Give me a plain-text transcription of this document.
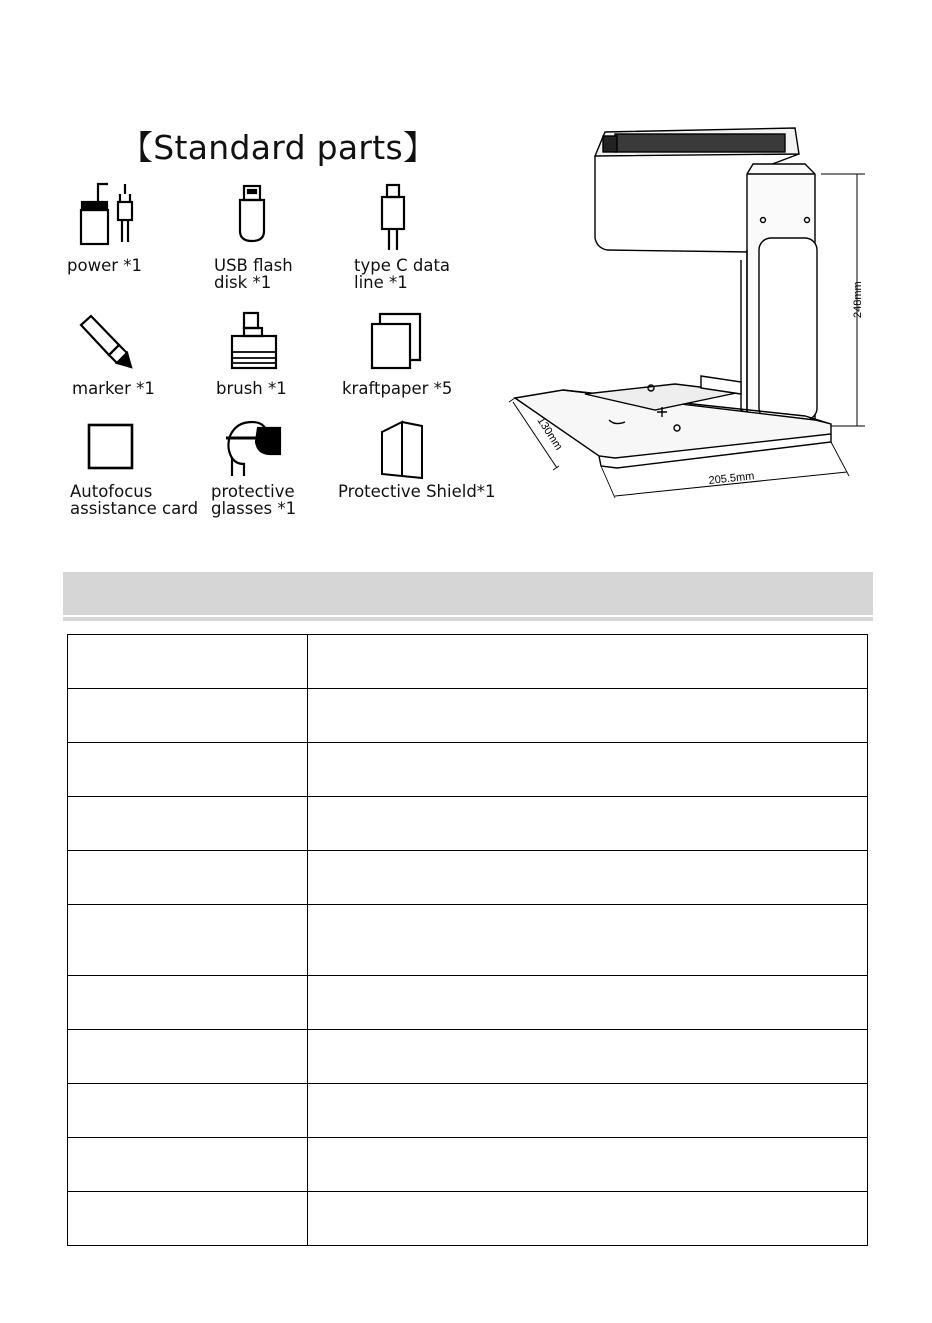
【Standard parts】
power *1	USB flash
disk *1
type C data
line *1
marker *1	brush *1	kraftpaper *5
Autofocus
assistance card
protective
glasses *1
Protective Shield*1
248mm
130mm
205.5mm
